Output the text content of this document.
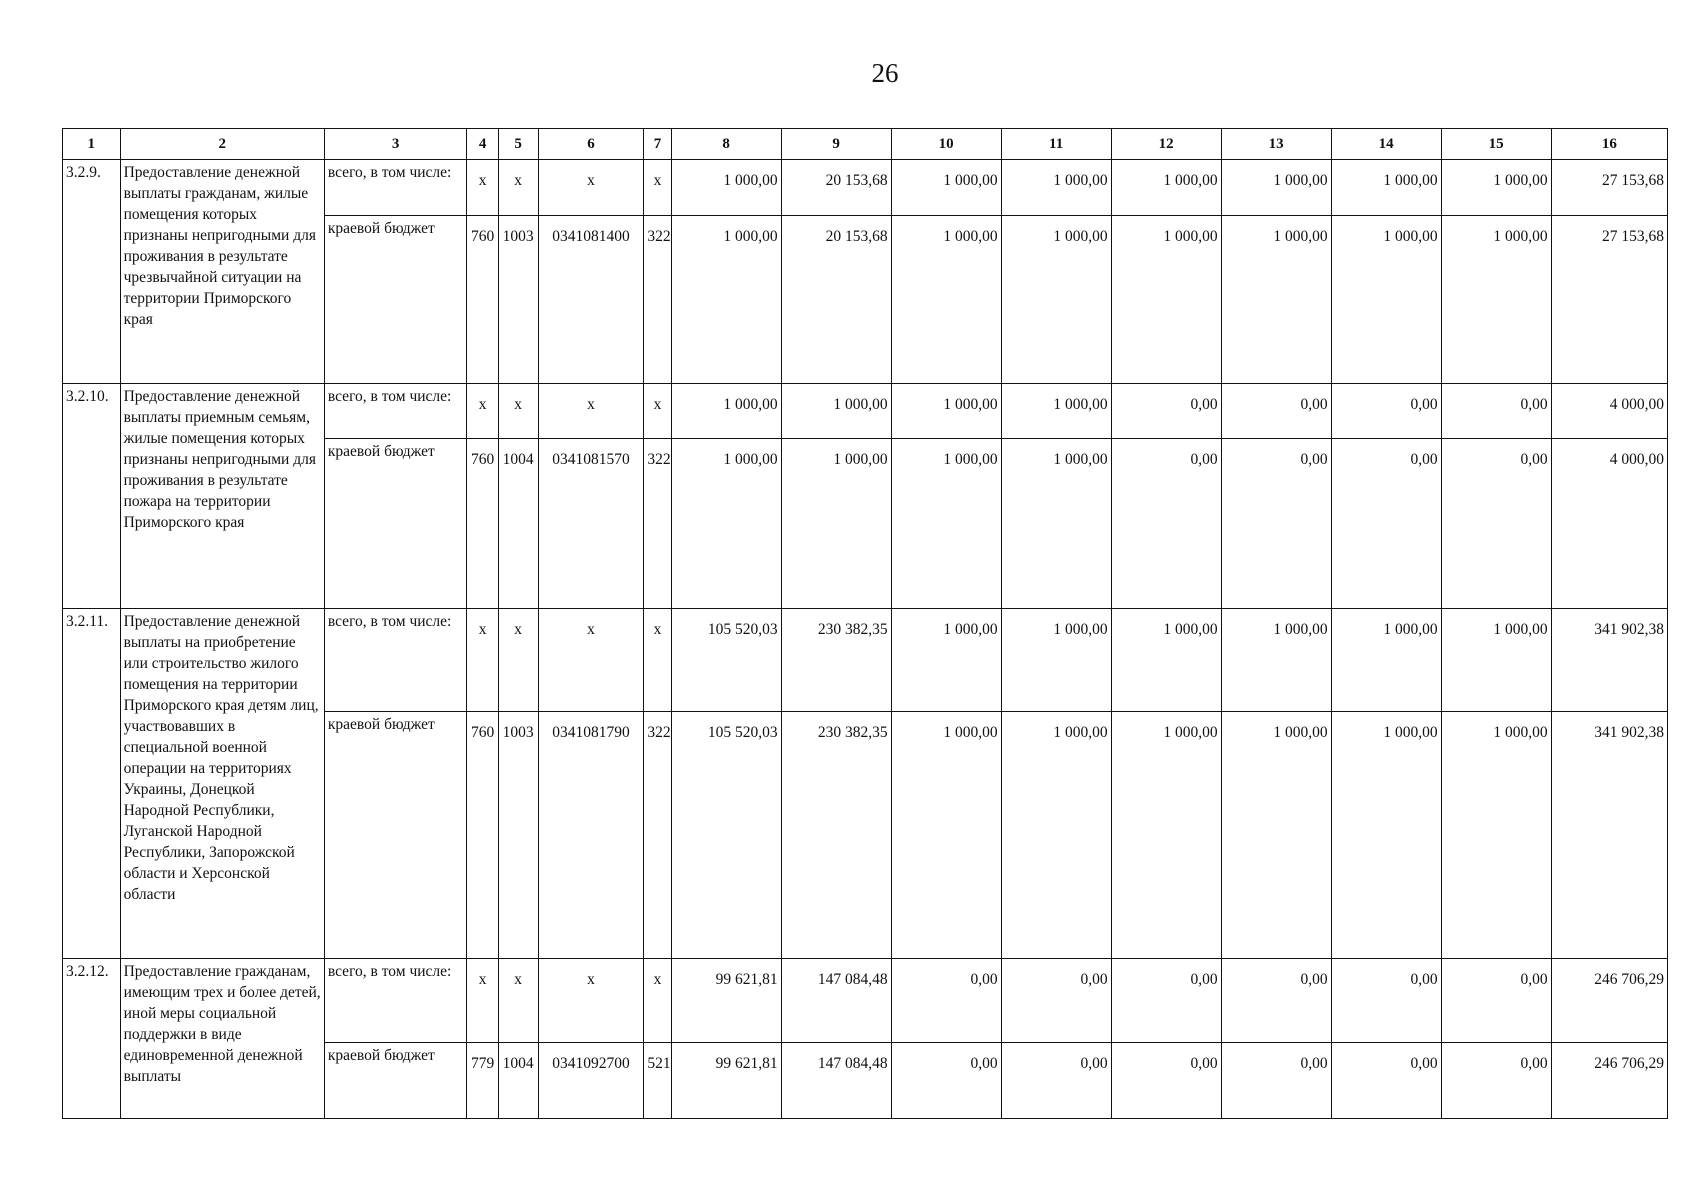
26
1	2	3	4	5	6	7	8	9	10	11	12	13	14	15	16
3.2.9.	Предоставление денежной выплаты гражданам, жилые помещения которых признаны непригодными для проживания в результате чрезвычайной ситуации на территории Приморского края	всего, в том числе:	х	х	х	х	1 000,00	20 153,68	1 000,00	1 000,00	1 000,00	1 000,00	1 000,00	1 000,00	27 153,68
		краевой бюджет	760	1003	0341081400	322	1 000,00	20 153,68	1 000,00	1 000,00	1 000,00	1 000,00	1 000,00	1 000,00	27 153,68
3.2.10.	Предоставление денежной выплаты приемным семьям, жилые помещения которых признаны непригодными для проживания в результате пожара на территории Приморского края	всего, в том числе:	х	х	х	х	1 000,00	1 000,00	1 000,00	1 000,00	0,00	0,00	0,00	0,00	4 000,00
		краевой бюджет	760	1004	0341081570	322	1 000,00	1 000,00	1 000,00	1 000,00	0,00	0,00	0,00	0,00	4 000,00
3.2.11.	Предоставление денежной выплаты на приобретение или строительство жилого помещения на территории Приморского края детям лиц, участвовавших в специальной военной операции на территориях Украины, Донецкой Народной Республики, Луганской Народной Республики, Запорожской области и Херсонской области	всего, в том числе:	х	х	х	х	105 520,03	230 382,35	1 000,00	1 000,00	1 000,00	1 000,00	1 000,00	1 000,00	341 902,38
		краевой бюджет	760	1003	0341081790	322	105 520,03	230 382,35	1 000,00	1 000,00	1 000,00	1 000,00	1 000,00	1 000,00	341 902,38
3.2.12.	Предоставление гражданам, имеющим трех и более детей, иной меры социальной поддержки в виде единовременной денежной выплаты	всего, в том числе:	х	х	х	х	99 621,81	147 084,48	0,00	0,00	0,00	0,00	0,00	0,00	246 706,29
		краевой бюджет	779	1004	0341092700	521	99 621,81	147 084,48	0,00	0,00	0,00	0,00	0,00	0,00	246 706,29
